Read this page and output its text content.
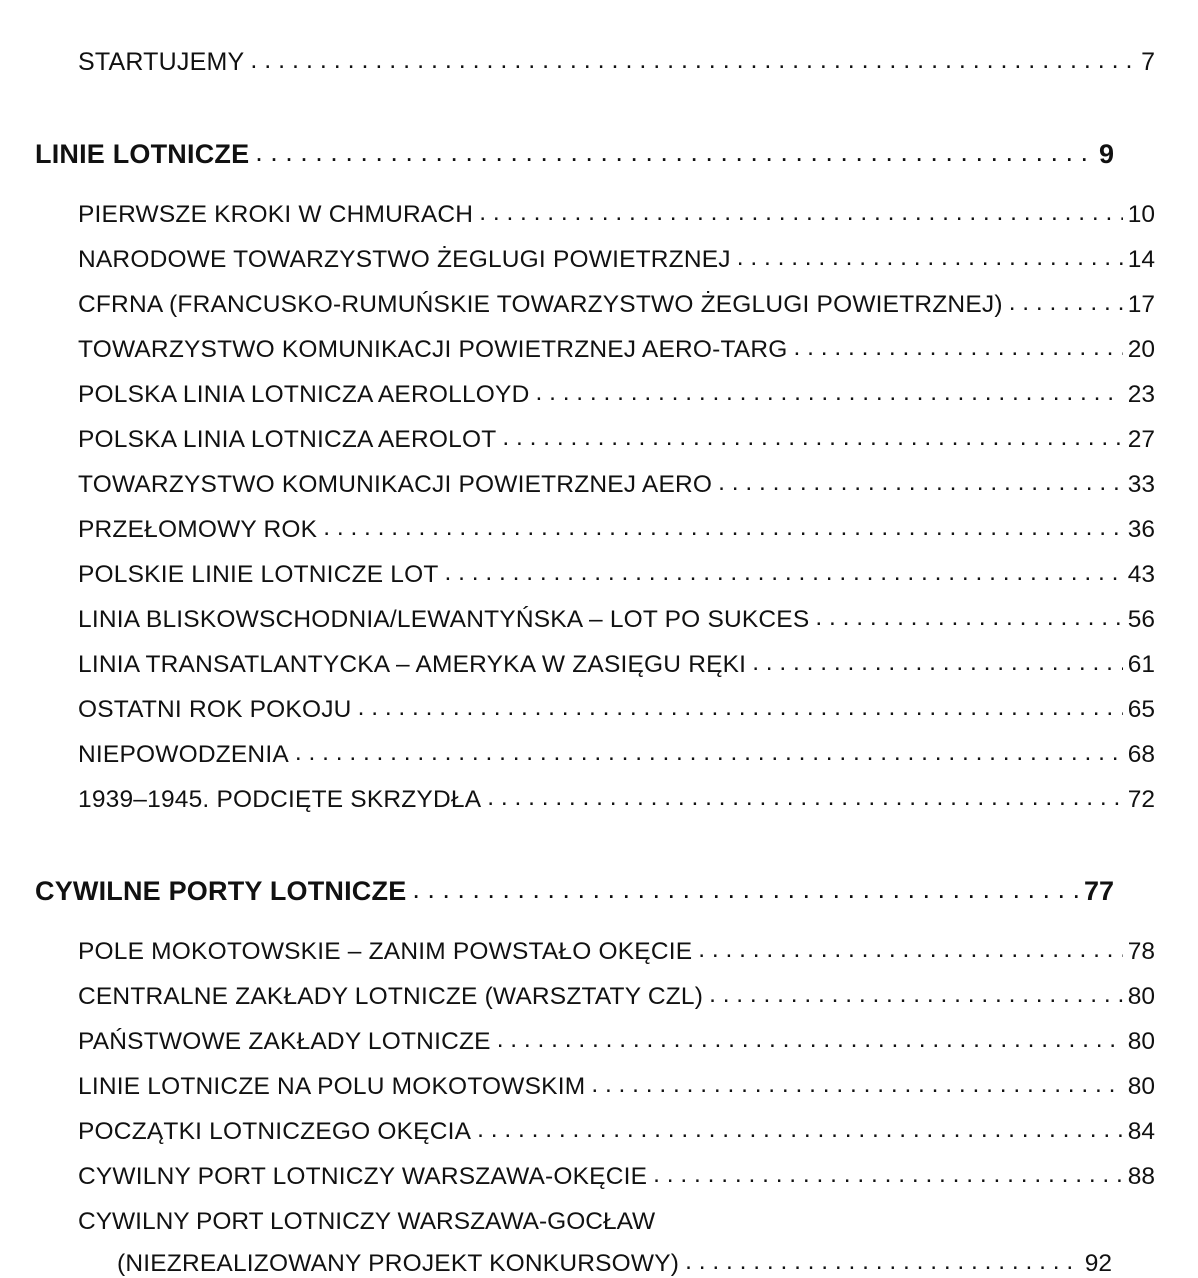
STARTUJEMY . . .	7
LINIE LOTNICZE . . .	9
PIERWSZE KROKI W CHMURACH . . .	10
NARODOWE TOWARZYSTWO ŻEGLUGI POWIETRZNEJ . . .	14
CFRNA (FRANCUSKO-RUMUŃSKIE TOWARZYSTWO ŻEGLUGI POWIETRZNEJ) . . .	17
TOWARZYSTWO KOMUNIKACJI POWIETRZNEJ AERO-TARG . . .	20
POLSKA LINIA LOTNICZA AEROLLOYD . . .	23
POLSKA LINIA LOTNICZA AEROLOT . . .	27
TOWARZYSTWO KOMUNIKACJI POWIETRZNEJ AERO . . .	33
PRZEŁOMOWY ROK . . .	36
POLSKIE LINIE LOTNICZE LOT . . .	43
LINIA BLISKOWSCHODNIA/LEWANTYŃSKA – LOT PO SUKCES . . .	56
LINIA TRANSATLANTYCKA – AMERYKA W ZASIĘGU RĘKI . . .	61
OSTATNI ROK POKOJU . . .	65
NIEPOWODZENIA . . .	68
1939–1945. PODCIĘTE SKRZYDŁA . . .	72
CYWILNE PORTY LOTNICZE . . .	77
POLE MOKOTOWSKIE – ZANIM POWSTAŁO OKĘCIE . . .	78
CENTRALNE ZAKŁADY LOTNICZE (WARSZTATY CZL) . . .	80
PAŃSTWOWE ZAKŁADY LOTNICZE . . .	80
LINIE LOTNICZE NA POLU MOKOTOWSKIM . . .	80
POCZĄTKI LOTNICZEGO OKĘCIA . . .	84
CYWILNY PORT LOTNICZY WARSZAWA-OKĘCIE . . .	88
CYWILNY PORT LOTNICZY WARSZAWA-GOCŁAW
(NIEZREALIZOWANY PROJEKT KONKURSOWY) . . .	92
